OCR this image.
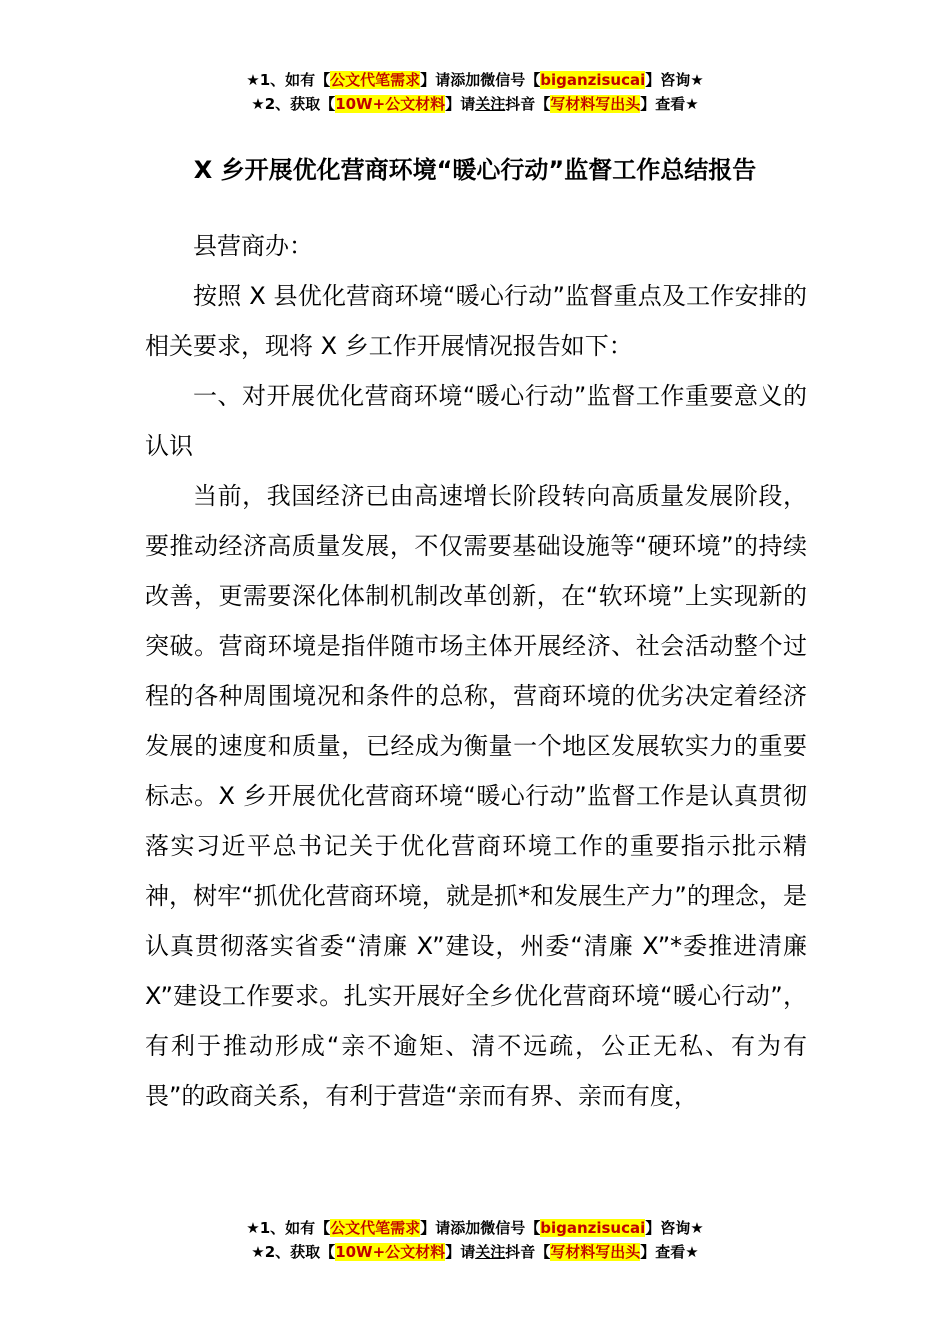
★1、如有【公文代笔需求】请添加微信号【biganzisucai】咨询★
★2、获取【10W+公文材料】请关注抖音【写材料写出头】查看★
X 乡开展优化营商环境“暖心行动”监督工作总结报告

县营商办：

按照 X 县优化营商环境“暖心行动”监督重点及工作安排的相关要求，现将 X 乡工作开展情况报告如下：

一、对开展优化营商环境“暖心行动”监督工作重要意义的认识

当前，我国经济已由高速增长阶段转向高质量发展阶段，要推动经济高质量发展，不仅需要基础设施等“硬环境”的持续改善，更需要深化体制机制改革创新，在“软环境”上实现新的突破。营商环境是指伴随市场主体开展经济、社会活动整个过程的各种周围境况和条件的总称，营商环境的优劣决定着经济发展的速度和质量，已经成为衡量一个地区发展软实力的重要标志。X 乡开展优化营商环境“暖心行动”监督工作是认真贯彻落实习近平总书记关于优化营商环境工作的重要指示批示精神，树牢“抓优化营商环境，就是抓*和发展生产力”的理念，是认真贯彻落实省委“清廉 X”建设，州委“清廉 X”*委推进清廉 X”建设工作要求。扎实开展好全乡优化营商环境“暖心行动”，有利于推动形成“亲不逾矩、清不远疏，公正无私、有为有畏”的政商关系，有利于营造“亲而有界、亲而有度，

★1、如有【公文代笔需求】请添加微信号【biganzisucai】咨询★
★2、获取【10W+公文材料】请关注抖音【写材料写出头】查看★
